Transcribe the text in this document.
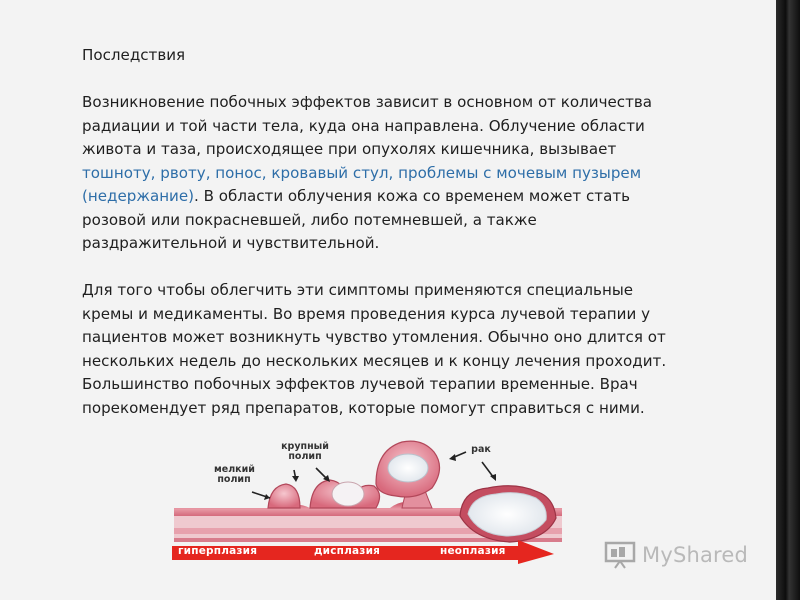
Последствия

Возникновение побочных эффектов зависит в основном от количества
радиации и той части тела, куда она направлена. Облучение области
живота и таза, происходящее при опухолях кишечника, вызывает
тошноту, рвоту, понос, кровавый стул, проблемы с мочевым пузырем
(недержание). В области облучения кожа со временем может стать
розовой или покрасневшей, либо потемневшей, а также
раздражительной и чувствительной.

Для того чтобы облегчить эти симптомы применяются специальные
кремы и медикаменты. Во время проведения курса лучевой терапии у
пациентов может возникнуть чувство утомления. Обычно оно длится от
нескольких недель до нескольких месяцев и к концу лечения проходит.
Большинство побочных эффектов лучевой терапии временные. Врач
порекомендует ряд препаратов, которые помогут справиться с ними.

мелкий
полип
крупный
полип
рак
гиперплазия	дисплазия	неоплазия	MyShared
